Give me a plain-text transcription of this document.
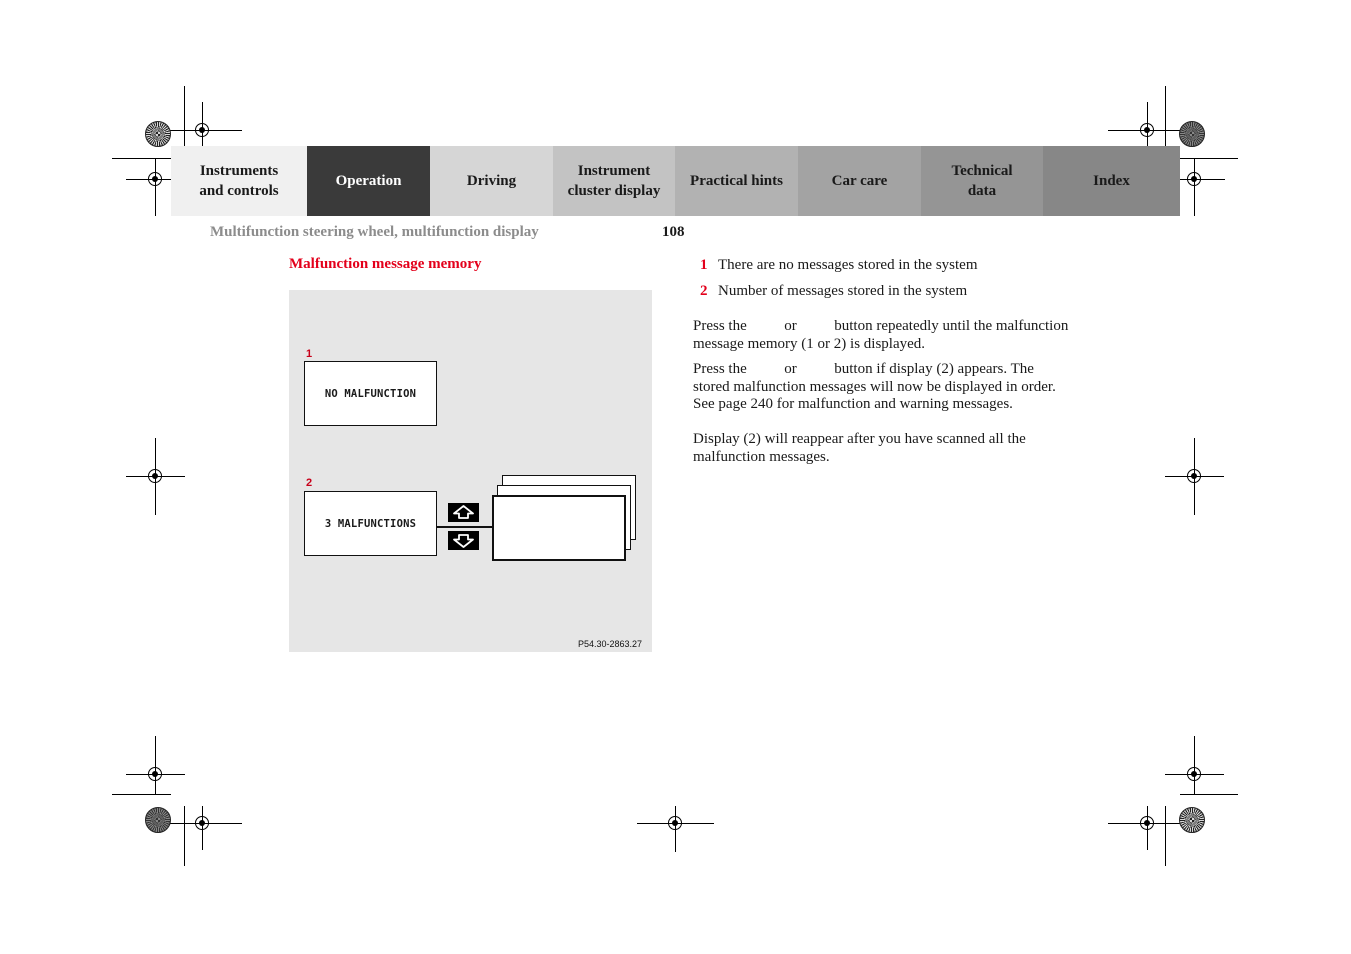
Instruments
and controls
Operation	Driving
Instrument
cluster display
Practical hints	Car care
Technical
data
Index
Multifunction steering wheel, multifunction display	108
Malfunction message memory
1
NO MALFUNCTION
2
3 MALFUNCTIONS
P54.30-2863.27
1 There are no messages stored in the system
2 Number of messages stored in the system
Press the          or          button repeatedly until the malfunction message memory (1 or 2) is displayed.
Press the          or          button if display (2) appears. The stored malfunction messages will now be displayed in order. See page 240 for malfunction and warning messages.
Display (2) will reappear after you have scanned all the malfunction messages.
